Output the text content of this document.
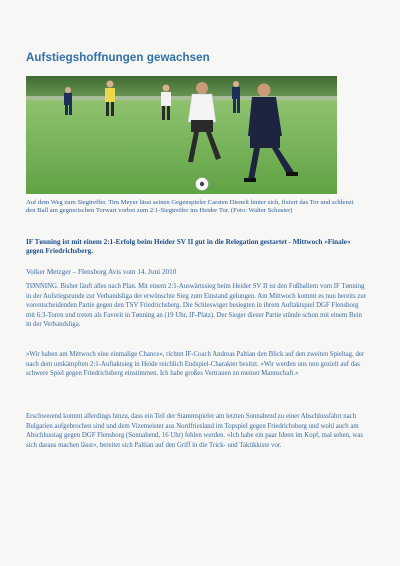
Aufstiegshoffnungen gewachsen
Auf dem Weg zum Siegtreffer. Tim Meyer lässt seinen Gegenspieler Carsten Dienelt hinter sich, fixiert das Tor und schlenzt den Ball am gegnerischen Torwart vorbei zum 2:1-Siegtreffer ins Heider Tor. (Foto: Walter Schuster)
IF Tønning ist mit einem 2:1-Erfolg beim Heider SV II gut in die Relegation gestartet - Mittwoch »Finale« gegen Friedrichsberg.
Volker Metzger – Flensborg Avis vom 14. Juni 2010
TØNNING. Bisher läuft alles nach Plan. Mit einem 2:1-Auswärtssieg beim Heider SV II ist den Fußballern vom IF Tønning in der Aufstiegsrunde zur Verbandsliga der erwünschte Sieg zum Einstand gelungen. Am Mittwoch kommt es nun bereits zur vorentscheidenden Partie gegen den TSV Friedrichsberg. Die Schleswiger besiegten in ihrem Auftaktspiel DGF Flensborg mit 6:3-Toren und treten als Favorit in Tønning an (19 Uhr, IF-Platz). Der Sieger dieser Partie stünde schon mit einem Bein in der Verbandsliga.
»Wir haben am Mittwoch eine einmalige Chance«, richtet IF-Coach Andreas Paltian den Blick auf den zweiten Spieltag, der nach dem umkämpften 2:1-Auftaktsieg in Heide reichlich Endspiel-Charakter besitzt. »Wir werden uns nun gezielt auf das schwere Spiel gegen Friedrichsberg einstimmen. Ich habe großes Vertrauen zu meiner Mannschaft.«
Erschwerend kommt allerdings hinzu, dass ein Teil der Stammspieler am letzten Sonnabend zu einer Abschlussfahrt nach Bulgarien aufgebrochen sind und dem Vizemeister aus Nordfriesland im Topspiel gegen Friedrichsberg und wohl auch am Abschlusstag gegen DGF Flensborg (Sonnabend, 16 Uhr) fehlen werden. »Ich habe ein paar Ideen im Kopf, mal sehen, was sich daraus machen lässt«, bereitet sich Paltian auf den Griff in die Trick- und Taktikkiste vor.
